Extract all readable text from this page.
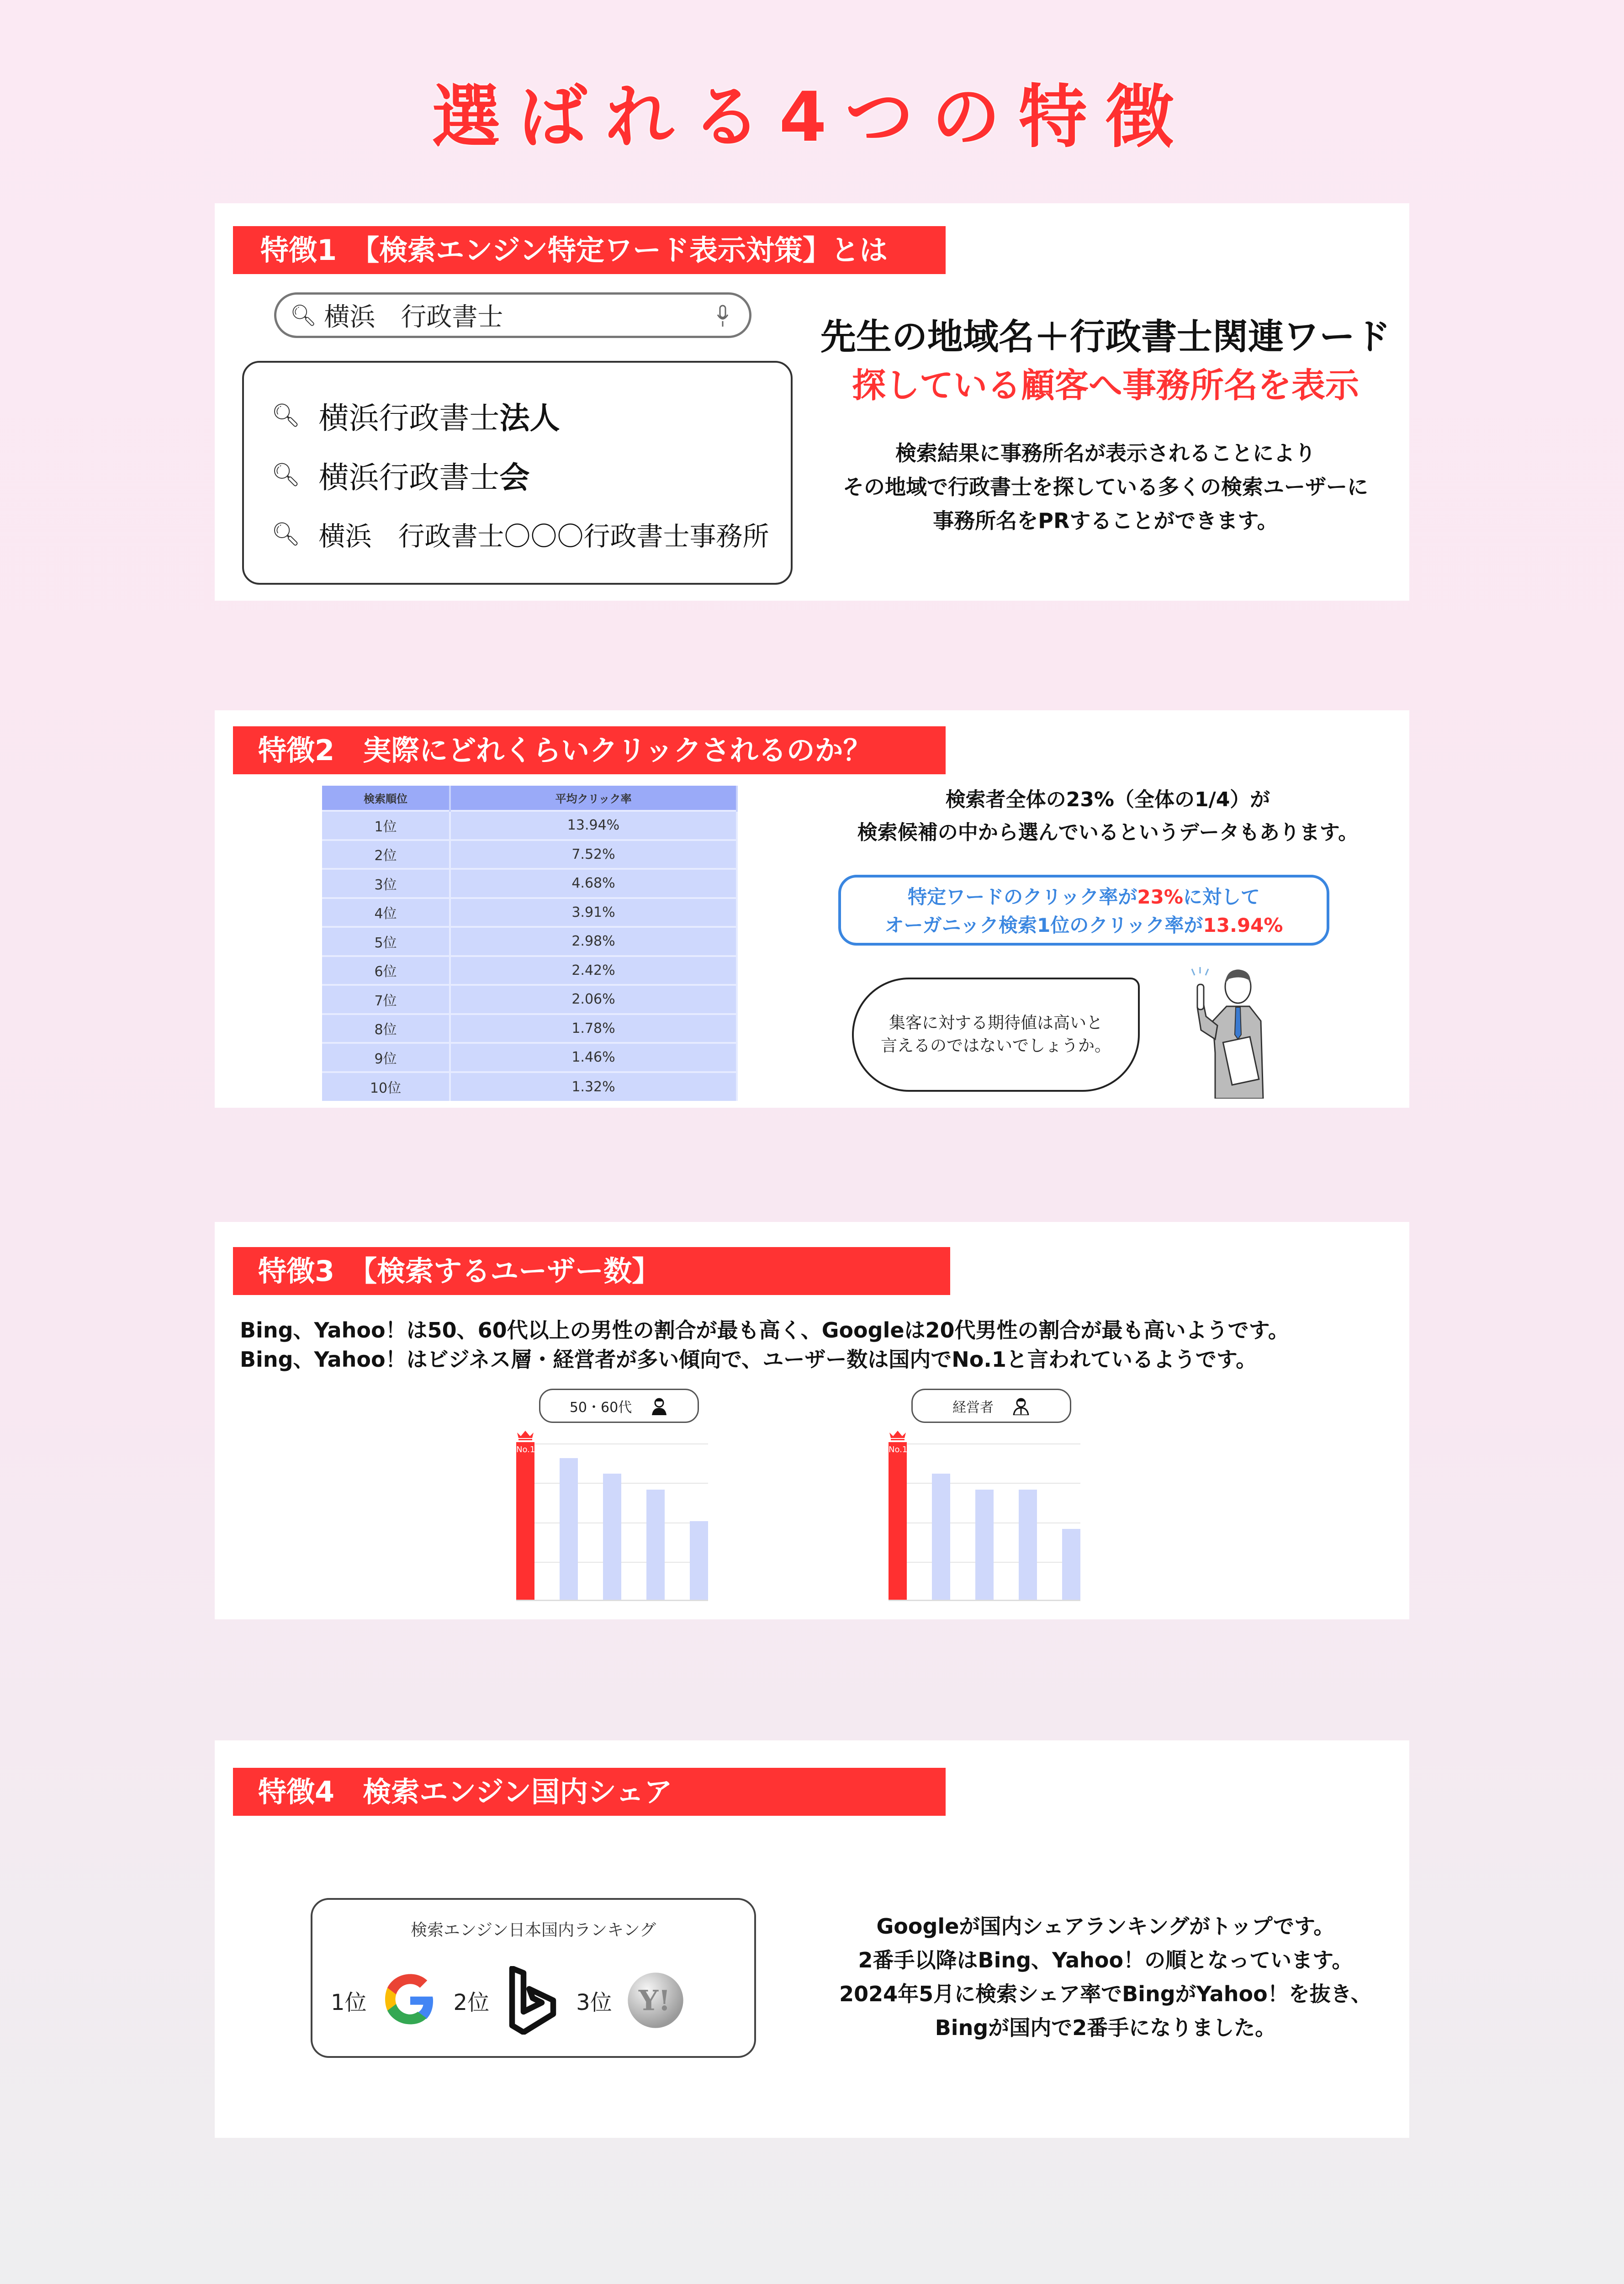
選ばれる4つの特徴
特徴1　【検索エンジン特定ワード表示対策】とは
🔍︎ 横浜　行政書士
🔍︎ 横浜行政書士 法人
🔍︎ 横浜行政書士 会
🔍︎ 横浜　行政書士〇〇〇行政書士事務所
先生の地域名＋行政書士関連ワード
探している顧客へ事務所名を表示
検索結果に事務所名が表示されることにより
その地域で行政書士を探している多くの検索ユーザーに
事務所名をPRすることができます。
特徴2　実際にどれくらいクリックされるのか？
検索順位	平均クリック率
1位	13.94%
2位	7.52%
3位	4.68%
4位	3.91%
5位	2.98%
6位	2.42%
7位	2.06%
8位	1.78%
9位	1.46%
10位	1.32%
検索者全体の23%（全体の1/4）が
検索候補の中から選んでいるというデータもあります。
特定ワードのクリック率が23%に対して
オーガニック検索1位のクリック率が13.94%
集客に対する期待値は高いと
言えるのではないでしょうか。
特徴3　【検索するユーザー数】
Bing、Yahoo！は50、60代以上の男性の割合が最も高く、Googleは20代男性の割合が最も高いようです。
Bing、Yahoo！はビジネス層・経営者が多い傾向で、ユーザー数は国内でNo.1と言われているようです。
50・60代
No.1
経営者
No.1
特徴4　検索エンジン国内シェア
検索エンジン日本国内ランキング
1位	2位	3位 Y!
Googleが国内シェアランキングがトップです。
2番手以降はBing、Yahoo！の順となっています。
2024年5月に検索シェア率でBingがYahoo！を抜き、
Bingが国内で2番手になりました。
